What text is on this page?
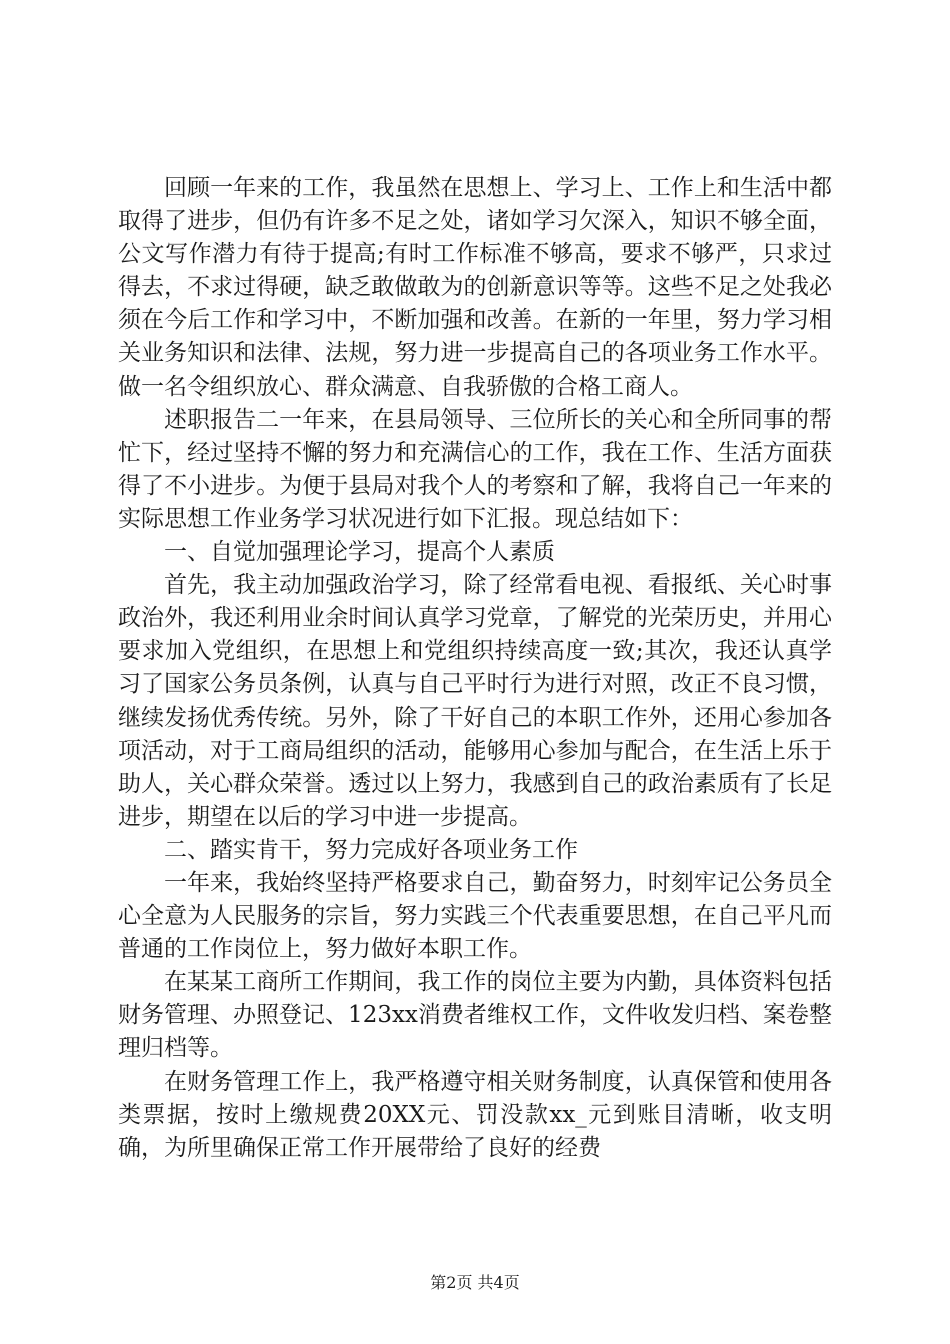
回顾一年来的工作，我虽然在思想上、学习上、工作上和生活中都取得了进步，但仍有许多不足之处，诸如学习欠深入，知识不够全面，公文写作潜力有待于提高;有时工作标准不够高，要求不够严，只求过得去，不求过得硬，缺乏敢做敢为的创新意识等等。这些不足之处我必须在今后工作和学习中，不断加强和改善。在新的一年里，努力学习相关业务知识和法律、法规，努力进一步提高自己的各项业务工作水平。做一名令组织放心、群众满意、自我骄傲的合格工商人。

述职报告二一年来，在县局领导、三位所长的关心和全所同事的帮忙下，经过坚持不懈的努力和充满信心的工作，我在工作、生活方面获得了不小进步。为便于县局对我个人的考察和了解，我将自己一年来的实际思想工作业务学习状况进行如下汇报。现总结如下：

一、自觉加强理论学习，提高个人素质

首先，我主动加强政治学习，除了经常看电视、看报纸、关心时事政治外，我还利用业余时间认真学习党章，了解党的光荣历史，并用心要求加入党组织，在思想上和党组织持续高度一致;其次，我还认真学习了国家公务员条例，认真与自己平时行为进行对照，改正不良习惯，继续发扬优秀传统。另外，除了干好自己的本职工作外，还用心参加各项活动，对于工商局组织的活动，能够用心参加与配合，在生活上乐于助人，关心群众荣誉。透过以上努力，我感到自己的政治素质有了长足进步，期望在以后的学习中进一步提高。

二、踏实肯干，努力完成好各项业务工作

一年来，我始终坚持严格要求自己，勤奋努力，时刻牢记公务员全心全意为人民服务的宗旨，努力实践三个代表重要思想，在自己平凡而普通的工作岗位上，努力做好本职工作。

在某某工商所工作期间，我工作的岗位主要为内勤，具体资料包括财务管理、办照登记、123xx消费者维权工作，文件收发归档、案卷整理归档等。

在财务管理工作上，我严格遵守相关财务制度，认真保管和使用各类票据，按时上缴规费20XX元、罚没款xx_元到账目清晰，收支明确，为所里确保正常工作开展带给了良好的经费

第2页 共4页
